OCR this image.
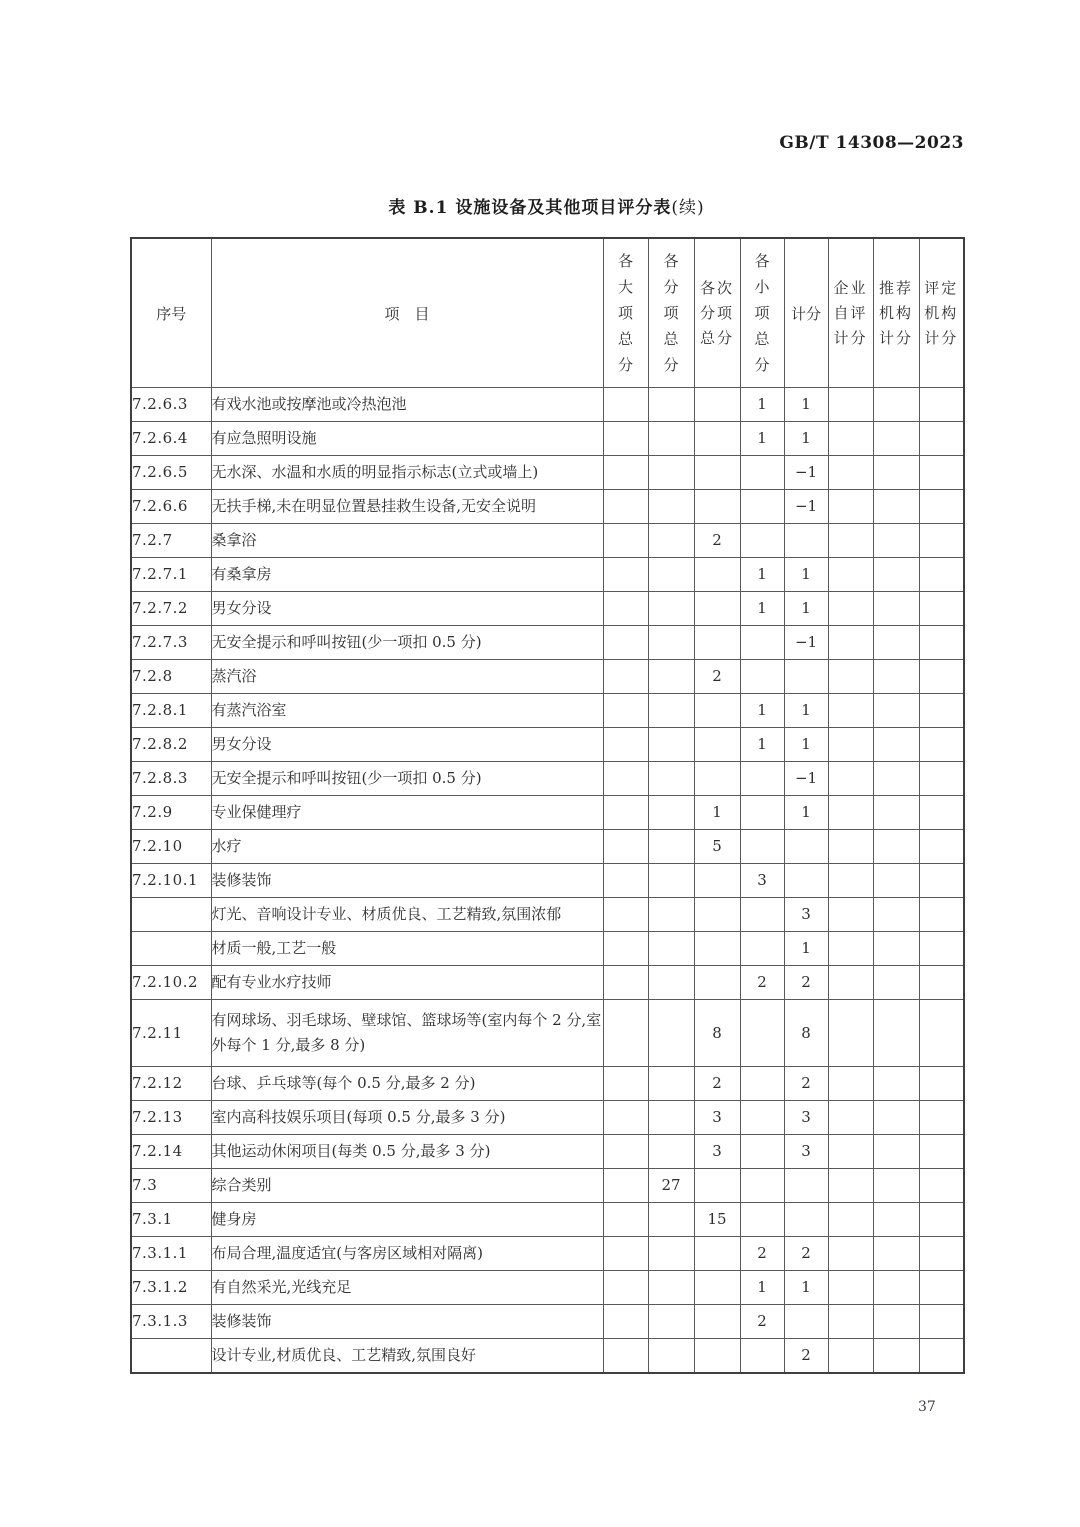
GB/T 14308—2023
表 B.1 设施设备及其他项目评分表(续)
序号	项　目	各大项总分	各分项总分	各次分项总分	各小项总分	计分	企业自评计分	推荐机构计分	评定机构计分
7.2.6.3	有戏水池或按摩池或冷热泡池				1	1			
7.2.6.4	有应急照明设施				1	1			
7.2.6.5	无水深、水温和水质的明显指示标志(立式或墙上)					−1			
7.2.6.6	无扶手梯,未在明显位置悬挂救生设备,无安全说明					−1			
7.2.7	桑拿浴			2					
7.2.7.1	有桑拿房				1	1			
7.2.7.2	男女分设				1	1			
7.2.7.3	无安全提示和呼叫按钮(少一项扣 0.5 分)					−1			
7.2.8	蒸汽浴			2					
7.2.8.1	有蒸汽浴室				1	1			
7.2.8.2	男女分设				1	1			
7.2.8.3	无安全提示和呼叫按钮(少一项扣 0.5 分)					−1			
7.2.9	专业保健理疗			1		1			
7.2.10	水疗			5					
7.2.10.1	装修装饰				3				
	灯光、音响设计专业、材质优良、工艺精致,氛围浓郁					3			
	材质一般,工艺一般					1			
7.2.10.2	配有专业水疗技师				2	2			
7.2.11	有网球场、羽毛球场、壁球馆、篮球场等(室内每个 2 分,室外每个 1 分,最多 8 分)			8		8			
7.2.12	台球、乒乓球等(每个 0.5 分,最多 2 分)			2		2			
7.2.13	室内高科技娱乐项目(每项 0.5 分,最多 3 分)			3		3			
7.2.14	其他运动休闲项目(每类 0.5 分,最多 3 分)			3		3			
7.3	综合类别		27						
7.3.1	健身房			15					
7.3.1.1	布局合理,温度适宜(与客房区域相对隔离)				2	2			
7.3.1.2	有自然采光,光线充足				1	1			
7.3.1.3	装修装饰				2				
	设计专业,材质优良、工艺精致,氛围良好					2			
37
